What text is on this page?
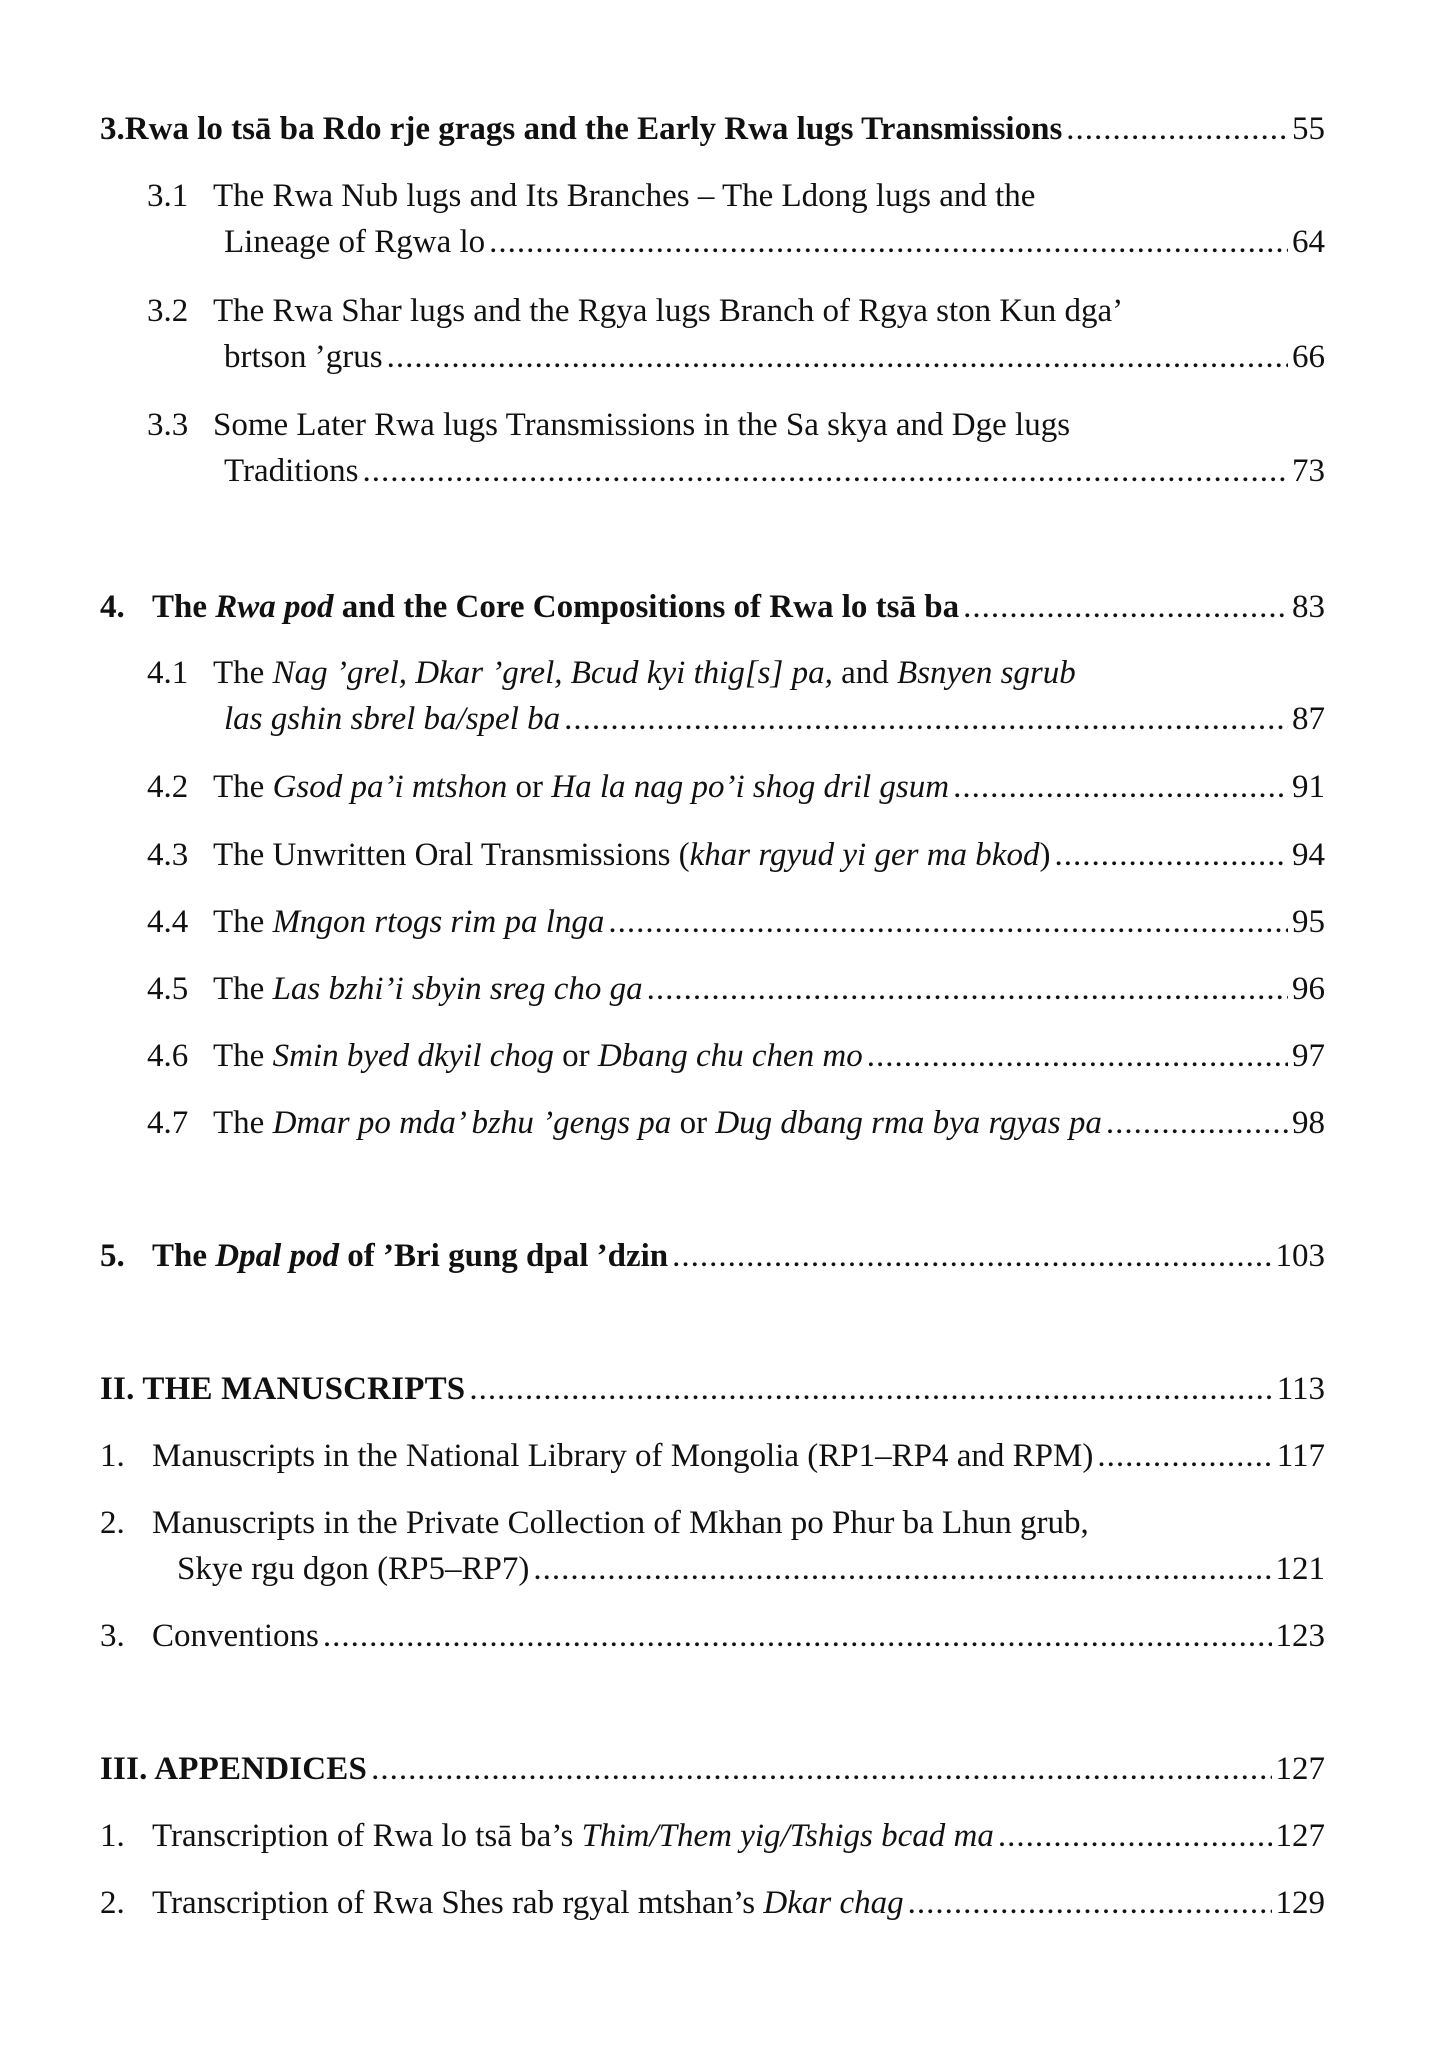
3. Rwa lo tsā ba Rdo rje grags and the Early Rwa lugs Transmissions .....	55
3.1 The Rwa Nub lugs and Its Branches – The Ldong lugs and the
Lineage of Rgwa lo .....	64
3.2 The Rwa Shar lugs and the Rgya lugs Branch of Rgya ston Kun dga’
brtson ’grus .....	66
3.3 Some Later Rwa lugs Transmissions in the Sa skya and Dge lugs
Traditions .....	73
4. The Rwa pod and the Core Compositions of Rwa lo tsā ba .....	83
4.1 The Nag ’grel, Dkar ’grel, Bcud kyi thig[s] pa, and Bsnyen sgrub
las gshin sbrel ba/spel ba .....	87
4.2 The Gsod pa’i mtshon or Ha la nag po’i shog dril gsum .....	91
4.3 The Unwritten Oral Transmissions (khar rgyud yi ger ma bkod) .....	94
4.4 The Mngon rtogs rim pa lnga .....	95
4.5 The Las bzhi’i sbyin sreg cho ga .....	96
4.6 The Smin byed dkyil chog or Dbang chu chen mo .....	97
4.7 The Dmar po mda’ bzhu ’gengs pa or Dug dbang rma bya rgyas pa .....	98
5. The Dpal pod of ’Bri gung dpal ’dzin .....	103
II. THE MANUSCRIPTS .....	113
1. Manuscripts in the National Library of Mongolia (RP1–RP4 and RPM) .....	117
2. Manuscripts in the Private Collection of Mkhan po Phur ba Lhun grub,
Skye rgu dgon (RP5–RP7) .....	121
3. Conventions .....	123
III. APPENDICES .....	127
1. Transcription of Rwa lo tsā ba’s Thim/Them yig/Tshigs bcad ma .....	127
2. Transcription of Rwa Shes rab rgyal mtshan’s Dkar chag .....	129
